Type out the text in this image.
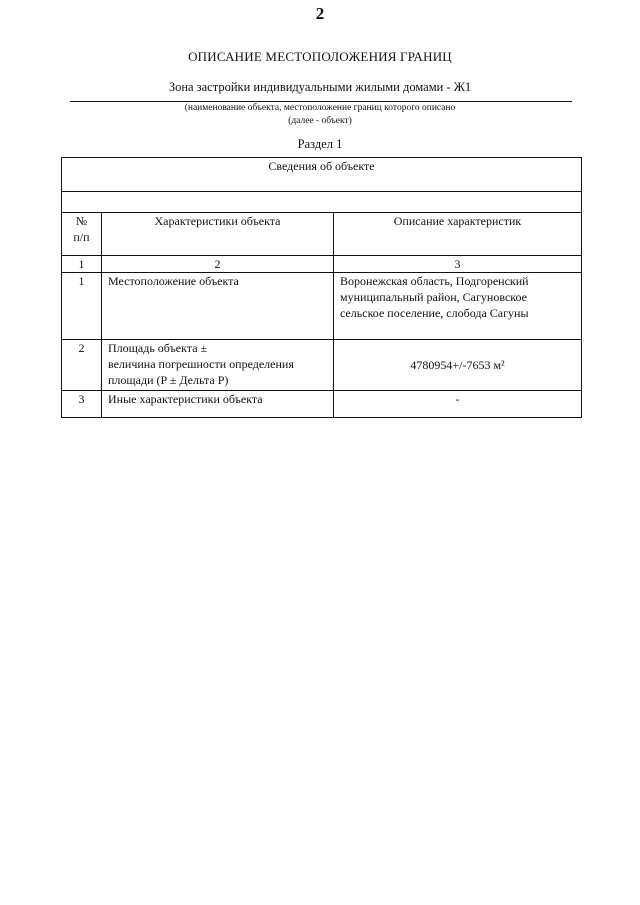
2
ОПИСАНИЕ МЕСТОПОЛОЖЕНИЯ ГРАНИЦ
Зона застройки индивидуальными жилыми домами - Ж1
(наименование объекта, местоположение границ которого описано
(далее - объект)
Раздел 1
Сведения об объекте		

№
п/п	Характеристики объекта	Описание характеристик
1	2	3
1	Местоположение объекта	Воронежская область, Подгоренский
муниципальный район, Сагуновское
сельское поселение, слобода Сагуны

2	Площадь объекта ±
величина погрешности определения
площади (P ± Дельта P)	4780954+/-7653 м²
3	Иные характеристики объекта	-
